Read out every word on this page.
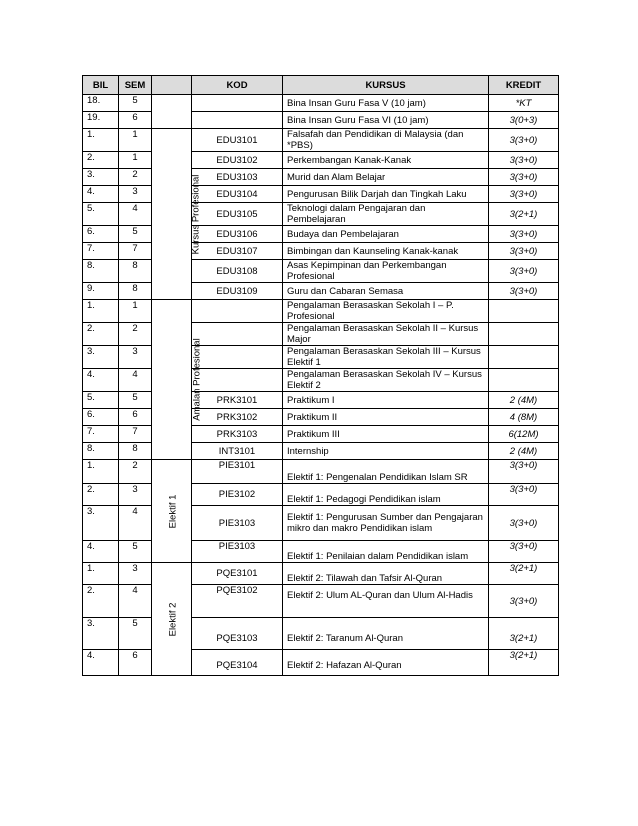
BIL	SEM		KOD	KURSUS	KREDIT
18.	5			Bina Insan Guru Fasa V (10 jam)	*KT
19.	6			Bina Insan Guru Fasa VI (10 jam)	3(0+3)
1.	1	Kursus Profesional	EDU3101	Falsafah dan Pendidikan di Malaysia (dan *PBS)	3(3+0)
2.	1		EDU3102	Perkembangan Kanak-Kanak	3(3+0)
3.	2		EDU3103	Murid dan Alam Belajar	3(3+0)
4.	3		EDU3104	Pengurusan Bilik Darjah dan Tingkah Laku	3(3+0)
5.	4		EDU3105	Teknologi dalam Pengajaran dan Pembelajaran	3(2+1)
6.	5		EDU3106	Budaya dan Pembelajaran	3(3+0)
7.	7		EDU3107	Bimbingan dan Kaunseling Kanak-kanak	3(3+0)
8.	8		EDU3108	Asas Kepimpinan dan Perkembangan Profesional	3(3+0)
9.	8		EDU3109	Guru dan Cabaran Semasa	3(3+0)
1.	1	Amalan Profesional		Pengalaman Berasaskan Sekolah I – P. Profesional	
2.	2			Pengalaman Berasaskan Sekolah II – Kursus Major	
3.	3			Pengalaman Berasaskan Sekolah III – Kursus Elektif 1	
4.	4			Pengalaman Berasaskan Sekolah IV – Kursus Elektif 2	
5.	5		PRK3101	Praktikum I	2 (4M)
6.	6		PRK3102	Praktikum II	4 (8M)
7.	7		PRK3103	Praktikum III	6(12M)
8.	8		INT3101	Internship	2 (4M)
1.	2	Elektif 1	PIE3101	Elektif 1: Pengenalan Pendidikan Islam SR	3(3+0)
2.	3		PIE3102	Elektif 1: Pedagogi Pendidikan islam	3(3+0)
3.	4		PIE3103	Elektif 1: Pengurusan Sumber dan Pengajaran mikro dan makro Pendidikan islam	3(3+0)
4.	5		PIE3103	Elektif 1: Penilaian dalam Pendidikan islam	3(3+0)
1.	3	Elektif 2	PQE3101	Elektif 2: Tilawah dan Tafsir Al-Quran	3(2+1)
2.	4		PQE3102	Elektif 2: Ulum AL-Quran dan Ulum Al-Hadis	3(3+0)
3.	5		PQE3103	Elektif 2: Taranum Al-Quran	3(2+1)
4.	6		PQE3104	Elektif 2: Hafazan Al-Quran	3(2+1)
